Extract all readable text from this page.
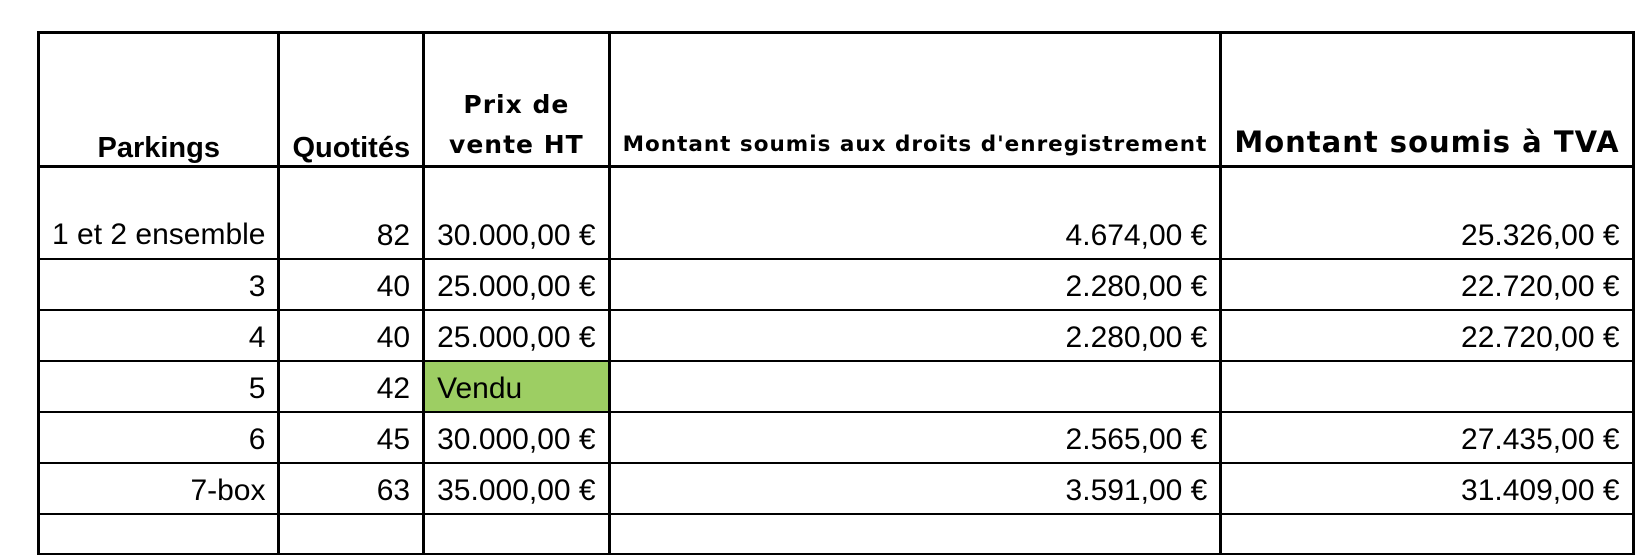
Parkings	Quotités	Prix de vente HT	Montant soumis aux droits d'enregistrement	Montant soumis à TVA
1 et 2 ensemble	82	30.000,00 €	4.674,00 €	25.326,00 €
3	40	25.000,00 €	2.280,00 €	22.720,00 €
4	40	25.000,00 €	2.280,00 €	22.720,00 €
5	42	Vendu		
6	45	30.000,00 €	2.565,00 €	27.435,00 €
7-box	63	35.000,00 €	3.591,00 €	31.409,00 €
